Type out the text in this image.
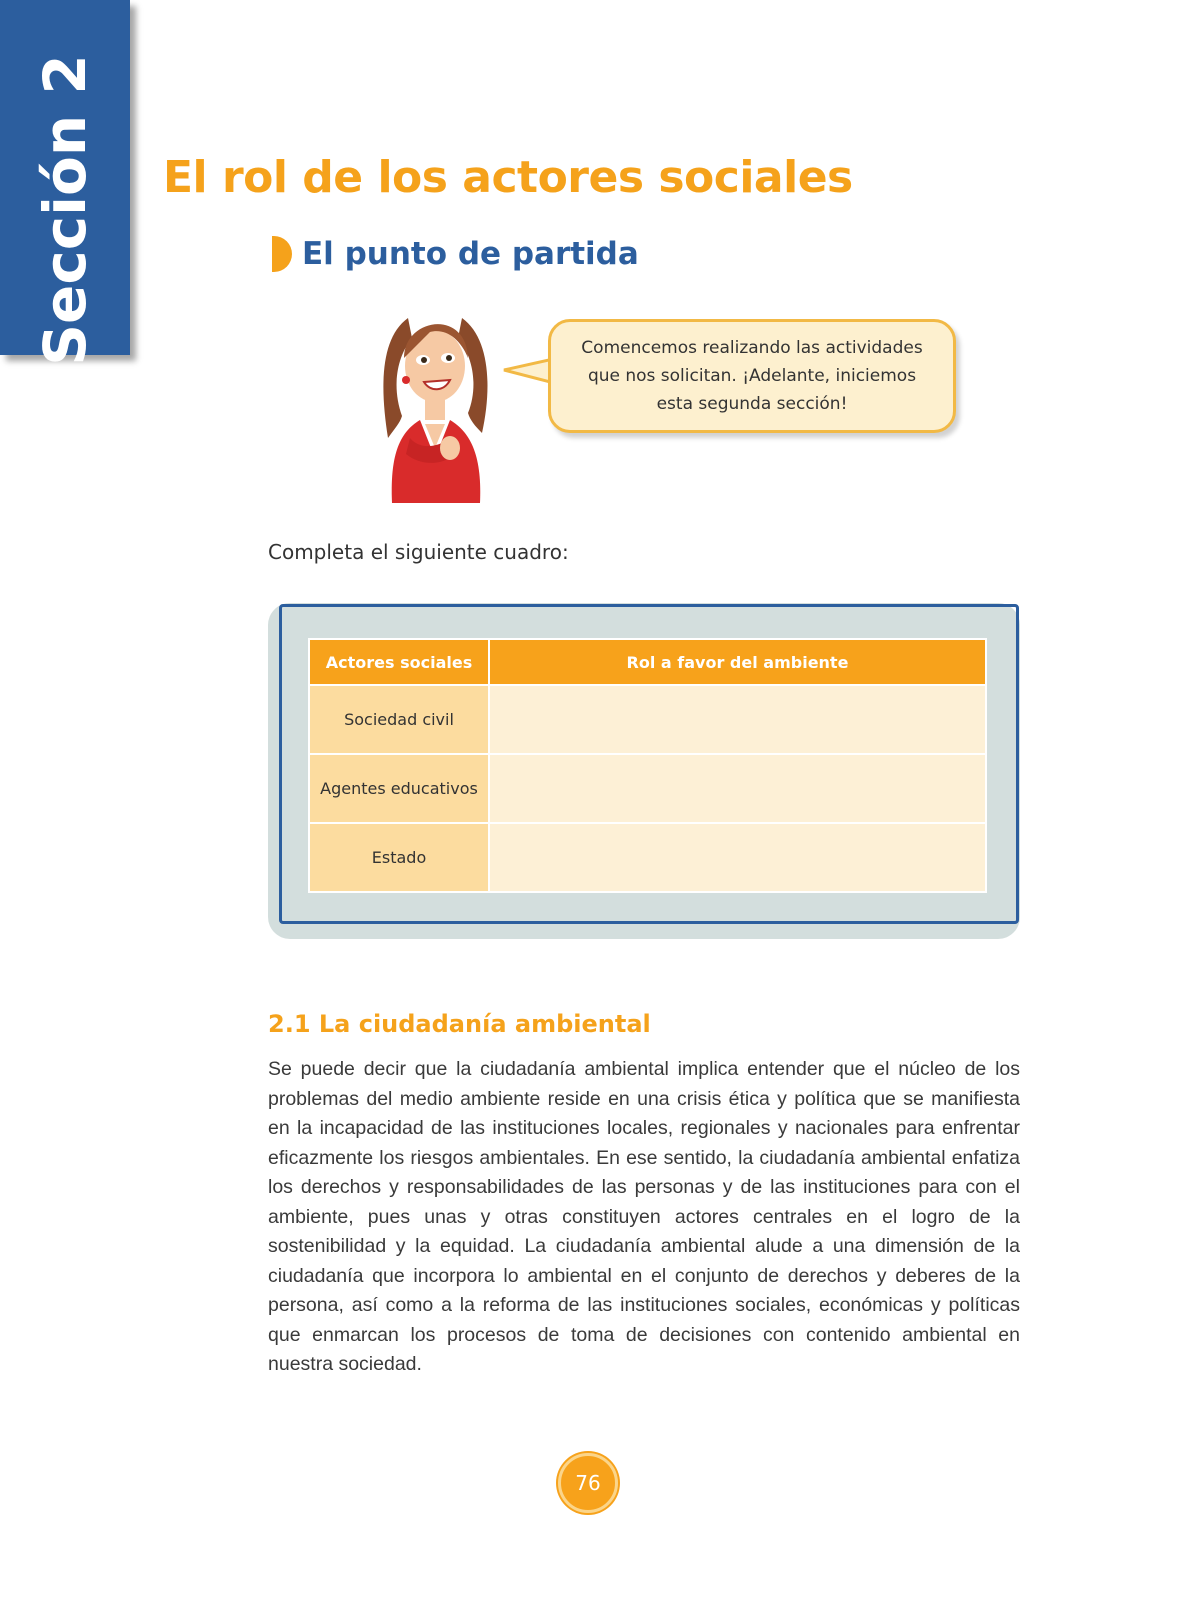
Sección 2 El rol de los actores sociales
El punto de partida
Comencemos realizando las actividades
que nos solicitan. ¡Adelante, iniciemos
esta segunda sección!
Completa el siguiente cuadro:
Actores sociales	Rol a favor del ambiente
Sociedad civil	
Agentes educativos	
Estado	
2.1 La ciudadanía ambiental

Se puede decir que la ciudadanía ambiental implica entender que el núcleo de los problemas del medio ambiente reside en una crisis ética y política que se manifiesta en la incapacidad de las instituciones locales, regionales y nacionales para enfrentar eficazmente los riesgos ambientales. En ese sentido, la ciudadanía ambiental enfatiza los derechos y responsabilidades de las personas y de las instituciones para con el ambiente, pues unas y otras constituyen actores centrales en el logro de la sostenibilidad y la equidad. La ciudadanía ambiental alude a una dimensión de la ciudadanía que incorpora lo ambiental en el conjunto de derechos y deberes de la persona, así como a la reforma de las instituciones sociales, económicas y políticas que enmarcan los procesos de toma de decisiones con contenido ambiental en nuestra sociedad.

76
